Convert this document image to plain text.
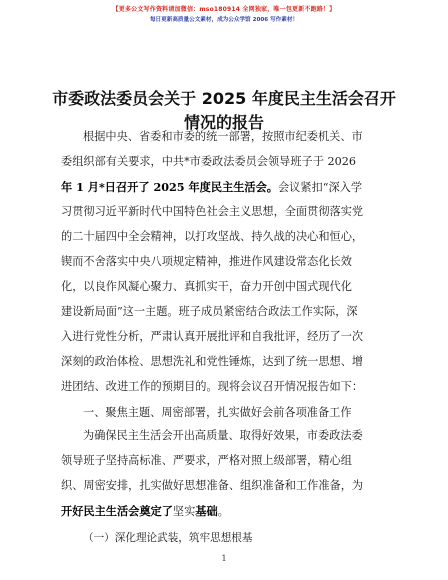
【更多公文写作资料请加微信：mso180914 全网独家，唯一包更新不跑路！】
每日更新高质量公文素材，成为公众学馆 2006 写作素材！
市委政法委员会关于 2025 年度民主生活会召开
情况的报告
根据中央、省委和市委的统一部署，按照市纪委机关、市
委组织部有关要求，中共*市委政法委员会领导班子于 2026
年 1 月*日召开了 2025 年度民主生活会。会议紧扣“深入学
习贯彻习近平新时代中国特色社会主义思想，全面贯彻落实党
的二十届四中全会精神，以打攻坚战、持久战的决心和恒心，
锲而不舍落实中央八项规定精神，推进作风建设常态化长效
化，以良作风凝心聚力、真抓实干，奋力开创中国式现代化
建设新局面”这一主题。班子成员紧密结合政法工作实际，深
入进行党性分析，严肃认真开展批评和自我批评，经历了一次
深刻的政治体检、思想洗礼和党性锤炼，达到了统一思想、增
进团结、改进工作的预期目的。现将会议召开情况报告如下：
一、聚焦主题、周密部署，扎实做好会前各项准备工作
为确保民主生活会开出高质量、取得好效果，市委政法委
领导班子坚持高标准、严要求，严格对照上级部署，精心组
织、周密安排，扎实做好思想准备、组织准备和工作准备，为
开好民主生活会奠定了坚实基础。
（一）深化理论武装，筑牢思想根基
1
